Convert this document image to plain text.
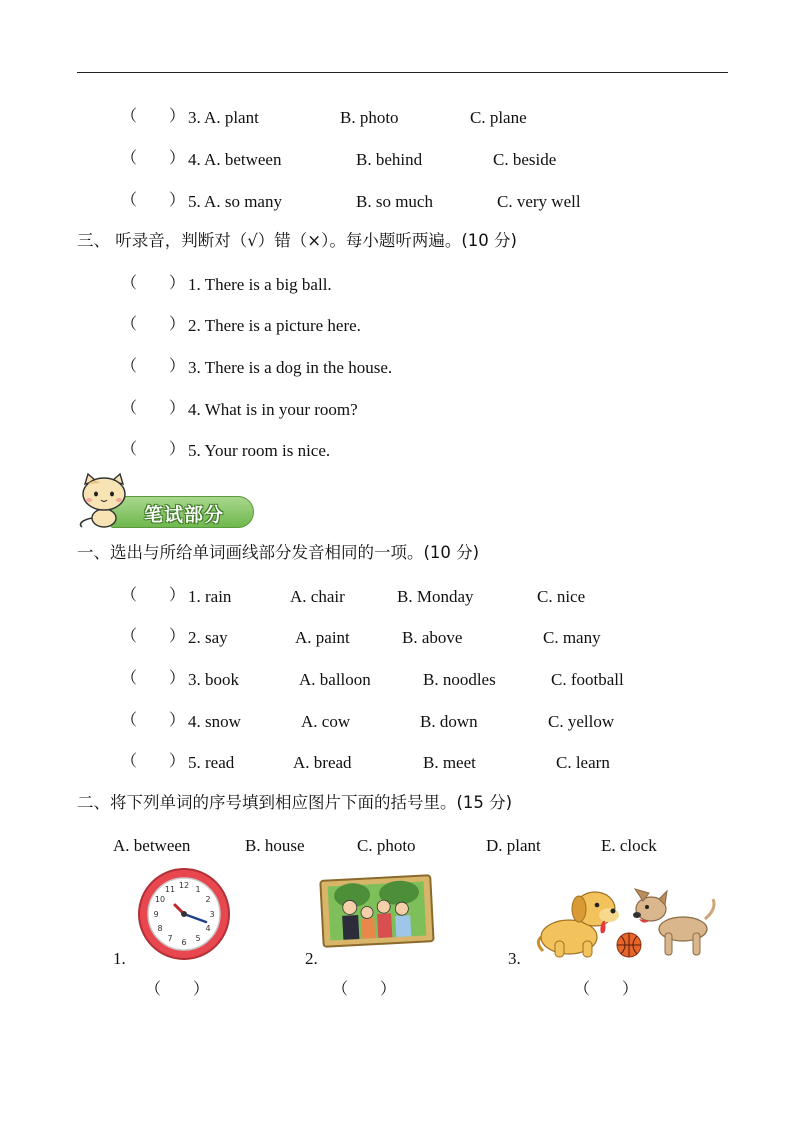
（　　） 3. A. plant	B. photo	C. plane
（　　） 4. A. between	B. behind	C. beside
（　　） 5. A. so many	B. so much	C. very well
三、 听录音，判断对（√）错（×）。每小题听两遍。(10 分)
（　　） 1. There is a big ball.
（　　） 2. There is a picture here.
（　　） 3. There is a dog in the house.
（　　） 4. What is in your room?
（　　） 5. Your room is nice.
笔试部分
一、选出与所给单词画线部分发音相同的一项。(10 分)
（　　） 1. rain	A. chair	B. Monday	C. nice
（　　） 2. say	A. paint	B. above	C. many
（　　） 3. book	A. balloon	B. noodles	C. football
（　　） 4. snow	A. cow	B. down	C. yellow
（　　） 5. read	A. bread	B. meet	C. learn
二、将下列单词的序号填到相应图片下面的括号里。(15 分)
A. between	B. house	C. photo	D. plant	E. clock
1.
12 1
2
3
4
5
6
7
8
9
10
11
（　　）
2.
（　　）
3.
（　　）
